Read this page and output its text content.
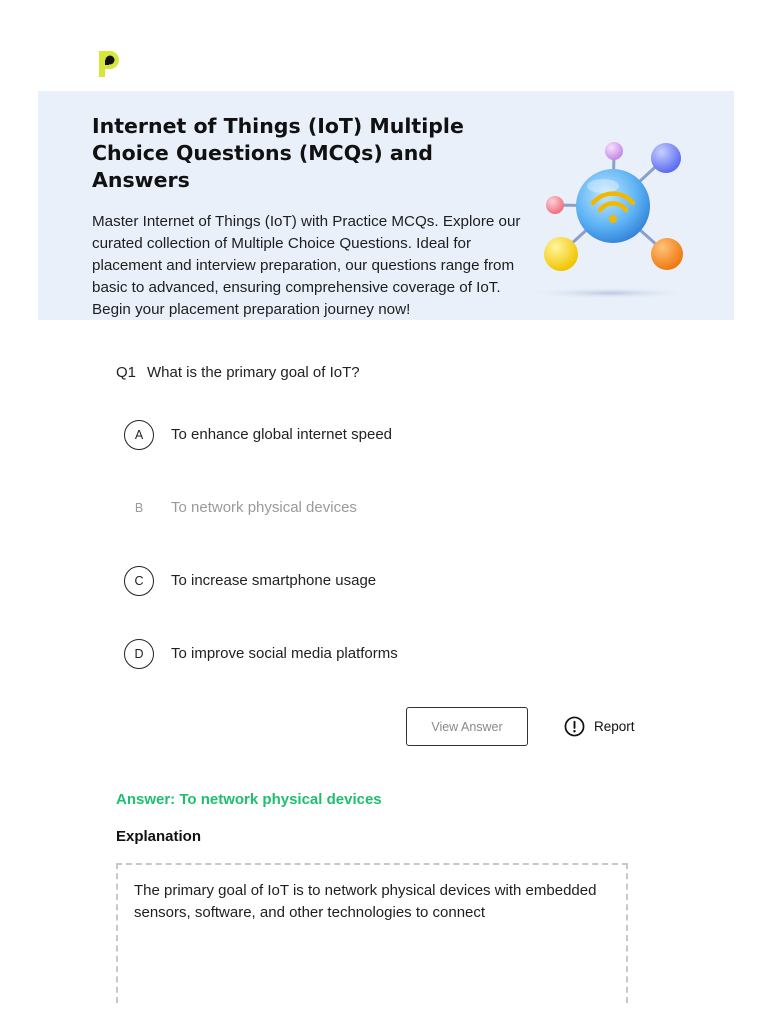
Internet of Things (IoT) Multiple Choice Questions (MCQs) and Answers

Master Internet of Things (IoT) with Practice MCQs. Explore our curated collection of Multiple Choice Questions. Ideal for placement and interview preparation, our questions range from basic to advanced, ensuring comprehensive coverage of IoT. Begin your placement preparation journey now!

Q1 What is the primary goal of IoT?
A	To enhance global internet speed
B	To network physical devices
C	To increase smartphone usage
D	To improve social media platforms
View Answer	Report
Answer: To network physical devices
Explanation

The primary goal of IoT is to network physical devices with embedded sensors, software, and other technologies to connect
